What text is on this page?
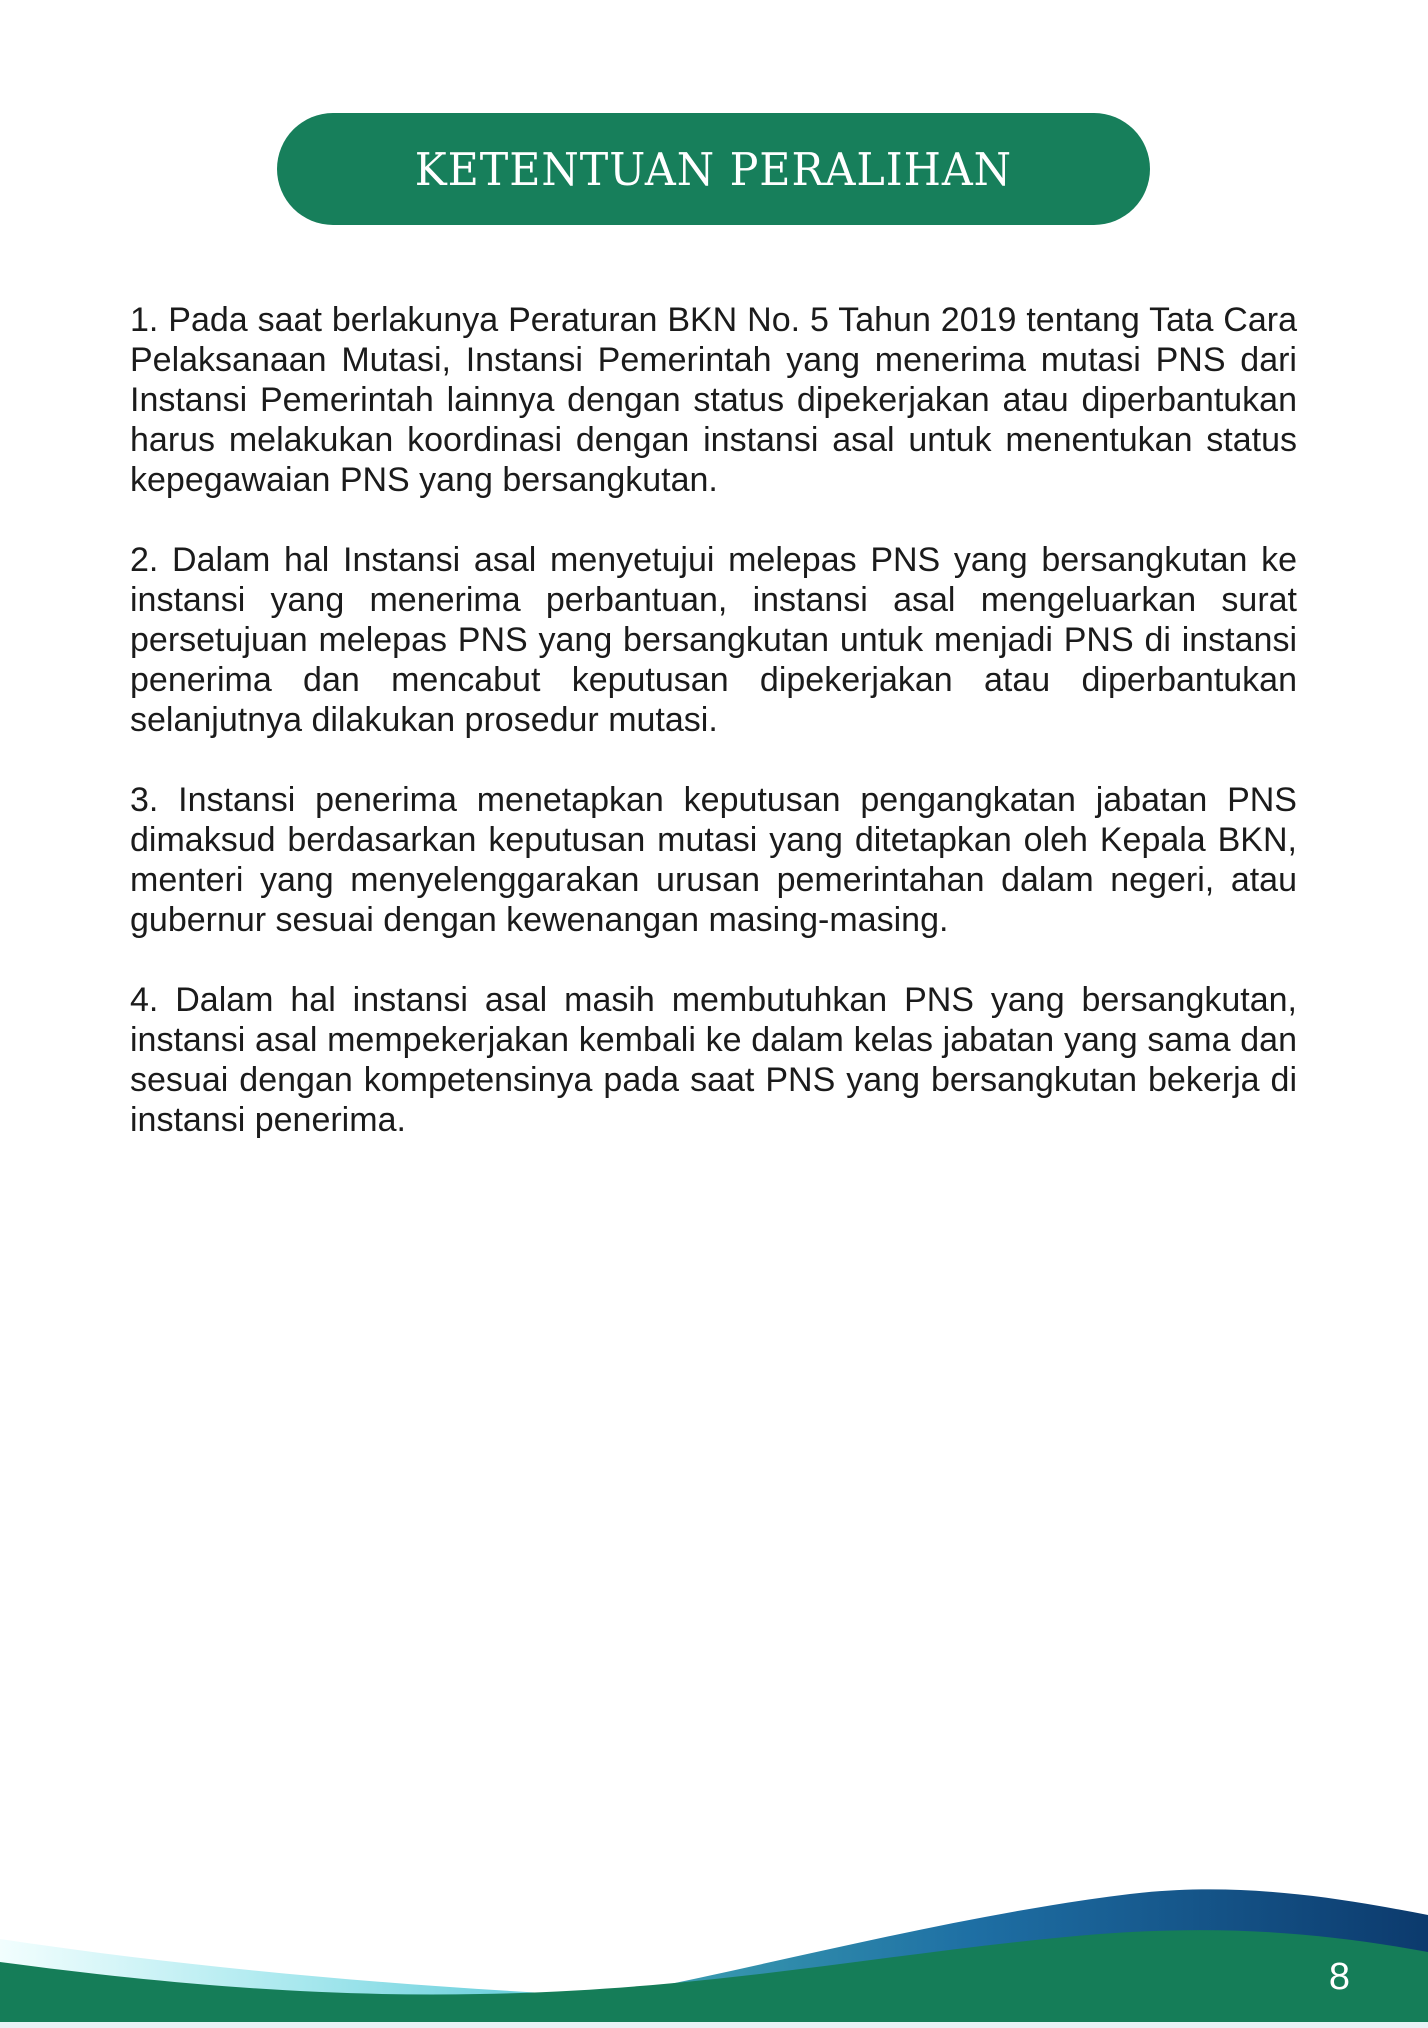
KETENTUAN PERALIHAN

1. Pada saat berlakunya Peraturan BKN No. 5 Tahun 2019 tentang Tata Cara Pelaksanaan Mutasi, Instansi Pemerintah yang menerima mutasi PNS dari Instansi Pemerintah lainnya dengan status dipekerjakan atau diperbantukan harus melakukan koordinasi dengan instansi asal untuk menentukan status kepegawaian PNS yang bersangkutan.

2. Dalam hal Instansi asal menyetujui melepas PNS yang bersangkutan ke instansi yang menerima perbantuan, instansi asal mengeluarkan surat persetujuan melepas PNS yang bersangkutan untuk menjadi PNS di instansi penerima dan mencabut keputusan dipekerjakan atau diperbantukan selanjutnya dilakukan prosedur mutasi.

3. Instansi penerima menetapkan keputusan pengangkatan jabatan PNS dimaksud berdasarkan keputusan mutasi yang ditetapkan oleh Kepala BKN, menteri yang menyelenggarakan urusan pemerintahan dalam negeri, atau gubernur sesuai dengan kewenangan masing-masing.

4. Dalam hal instansi asal masih membutuhkan PNS yang bersangkutan, instansi asal mempekerjakan kembali ke dalam kelas jabatan yang sama dan sesuai dengan kompetensinya pada saat PNS yang bersangkutan bekerja di instansi penerima.

8
